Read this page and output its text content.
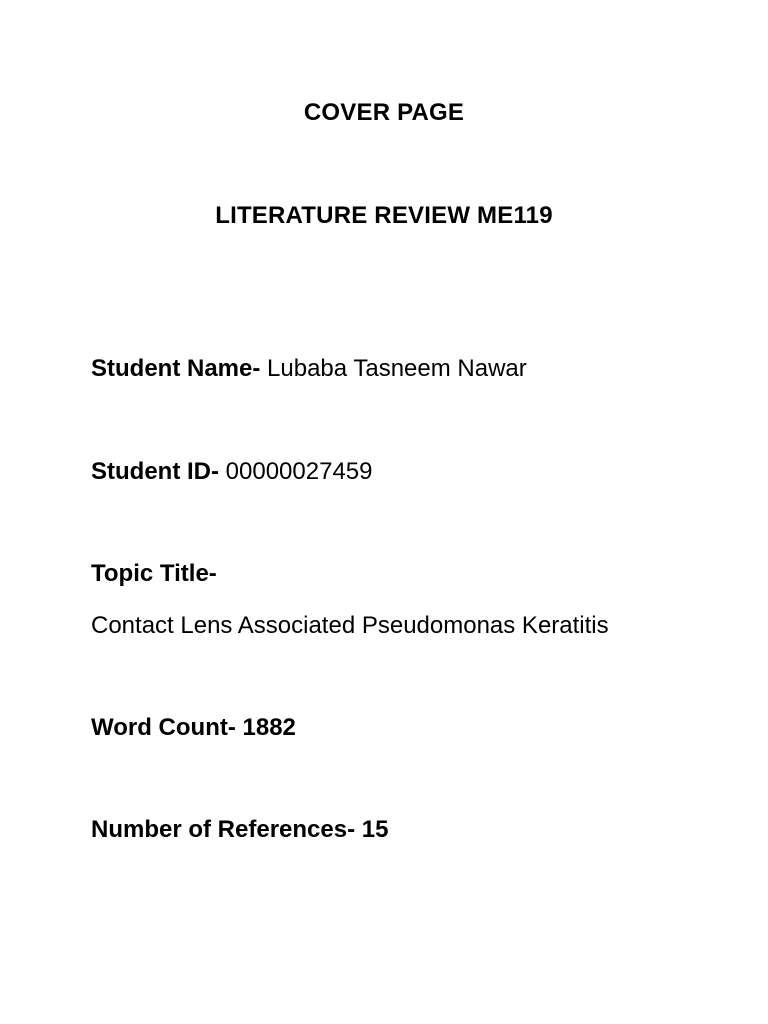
COVER PAGE
LITERATURE REVIEW ME119
Student Name- Lubaba Tasneem Nawar
Student ID- 00000027459
Topic Title-
Contact Lens Associated Pseudomonas Keratitis
Word Count- 1882
Number of References- 15
